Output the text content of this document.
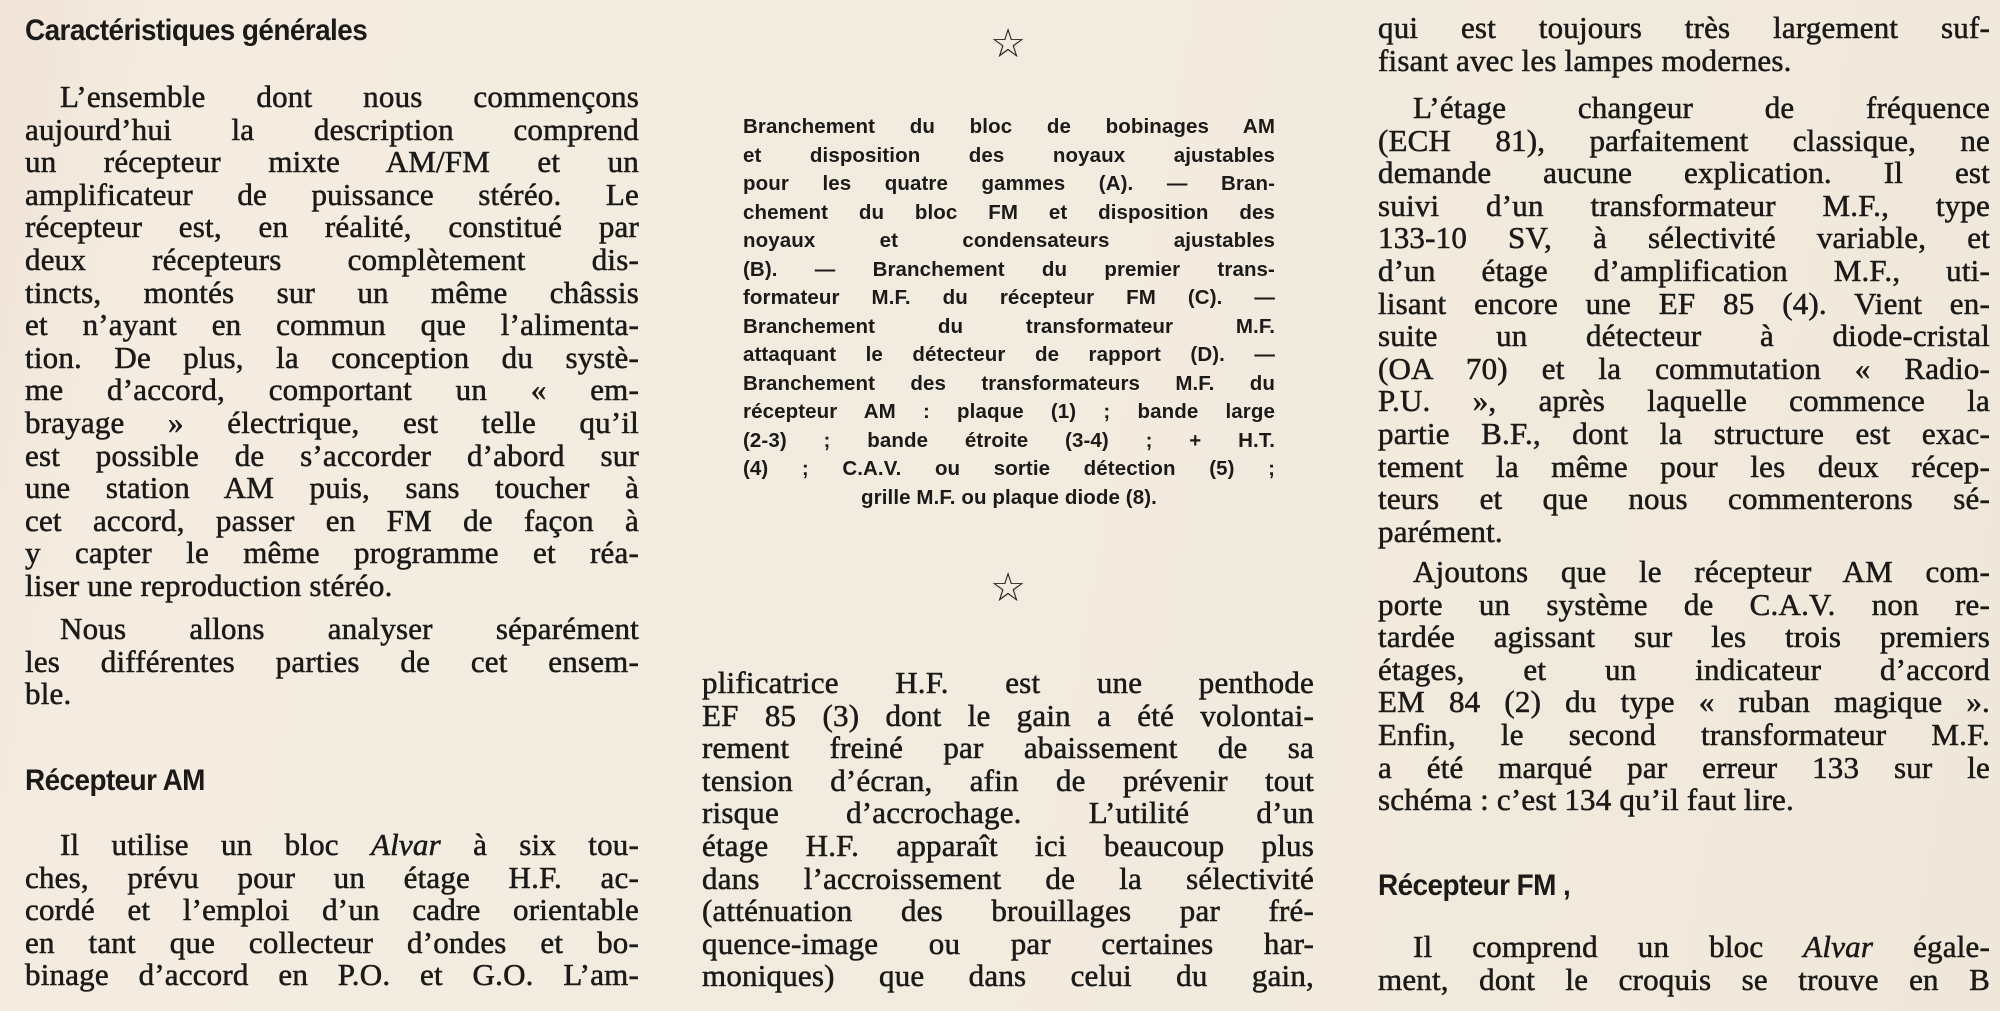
Caractéristiques générales
L’ensemble dont nous commençons
aujourd’hui la description comprend
un récepteur mixte AM/FM et un
amplificateur de puissance stéréo. Le
récepteur est, en réalité, constitué par
deux récepteurs complètement dis-
tincts, montés sur un même châssis
et n’ayant en commun que l’alimenta-
tion. De plus, la conception du systè-
me d’accord, comportant un « em-
brayage » électrique, est telle qu’il
est possible de s’accorder d’abord sur
une station AM puis, sans toucher à
cet accord, passer en FM de façon à
y capter le même programme et réa-
liser une reproduction stéréo.
Nous allons analyser séparément
les différentes parties de cet ensem-
ble.
Récepteur AM
Il utilise un bloc Alvar à six tou-
ches, prévu pour un étage H.F. ac-
cordé et l’emploi d’un cadre orientable
en tant que collecteur d’ondes et bo-
binage d’accord en P.O. et G.O. L’am-
☆
Branchement du bloc de bobinages AM
et disposition des noyaux ajustables
pour les quatre gammes (A). — Bran-
chement du bloc FM et disposition des
noyaux et condensateurs ajustables
(B). — Branchement du premier trans-
formateur M.F. du récepteur FM (C). —
Branchement du transformateur M.F.
attaquant le détecteur de rapport (D). —
Branchement des transformateurs M.F. du
récepteur AM : plaque (1) ; bande large
(2-3) ; bande étroite (3-4) ; + H.T.
(4) ; C.A.V. ou sortie détection (5) ;
grille M.F. ou plaque diode (8).
☆
plificatrice H.F. est une penthode
EF 85 (3) dont le gain a été volontai-
rement freiné par abaissement de sa
tension d’écran, afin de prévenir tout
risque d’accrochage. L’utilité d’un
étage H.F. apparaît ici beaucoup plus
dans l’accroissement de la sélectivité
(atténuation des brouillages par fré-
quence-image ou par certaines har-
moniques) que dans celui du gain,
qui est toujours très largement suf-
fisant avec les lampes modernes.
L’étage changeur de fréquence
(ECH 81), parfaitement classique, ne
demande aucune explication. Il est
suivi d’un transformateur M.F., type
133-10 SV, à sélectivité variable, et
d’un étage d’amplification M.F., uti-
lisant encore une EF 85 (4). Vient en-
suite un détecteur à diode-cristal
(OA 70) et la commutation « Radio-
P.U. », après laquelle commence la
partie B.F., dont la structure est exac-
tement la même pour les deux récep-
teurs et que nous commenterons sé-
parément.
Ajoutons que le récepteur AM com-
porte un système de C.A.V. non re-
tardée agissant sur les trois premiers
étages, et un indicateur d’accord
EM 84 (2) du type « ruban magique ».
Enfin, le second transformateur M.F.
a été marqué par erreur 133 sur le
schéma : c’est 134 qu’il faut lire.
Récepteur FM ,
Il comprend un bloc Alvar égale-
ment, dont le croquis se trouve en B
